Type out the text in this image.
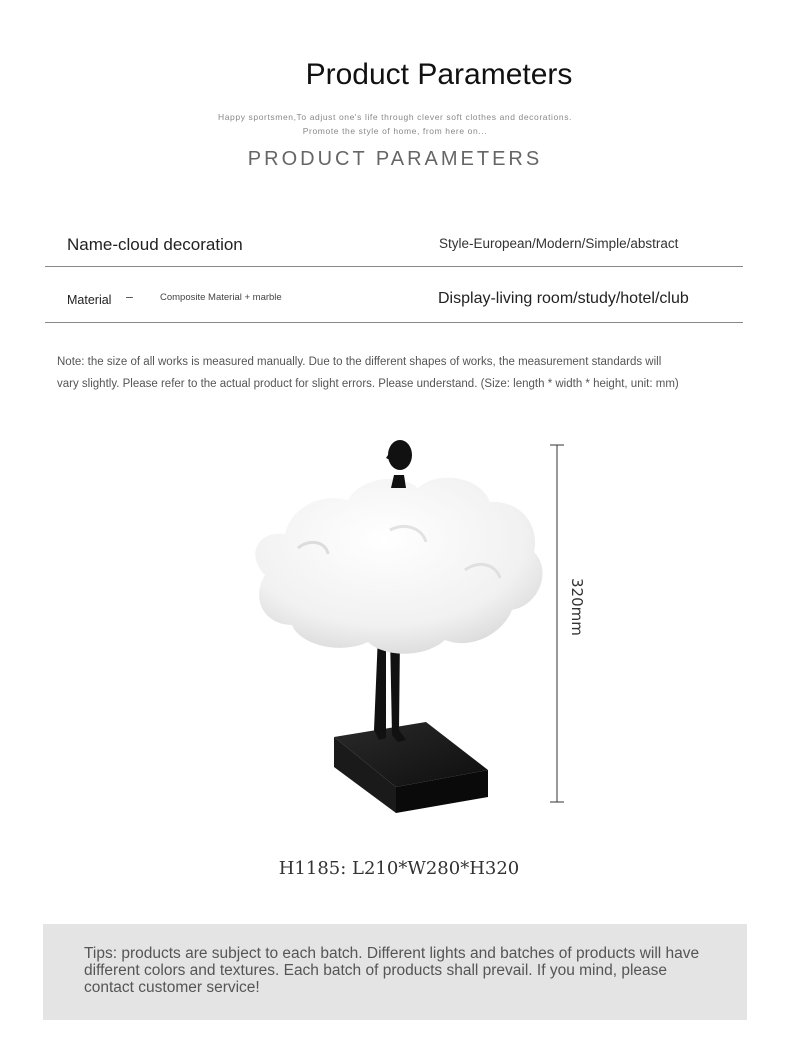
Product Parameters
Happy sportsmen,To adjust one's life through clever soft clothes and decorations.
Promote the style of home, from here on...
PRODUCT PARAMETERS
Name-cloud decoration	Style-European/Modern/Simple/abstract
Material –	Composite Material + marble	Display-living room/study/hotel/club
Note: the size of all works is measured manually. Due to the different shapes of works, the measurement standards will
vary slightly. Please refer to the actual product for slight errors. Please understand. (Size: length * width * height, unit: mm)
320mm
H1185: L210*W280*H320
Tips: products are subject to each batch. Different lights and batches of products will have different colors and textures. Each batch of products shall prevail. If you mind, please contact customer service!
